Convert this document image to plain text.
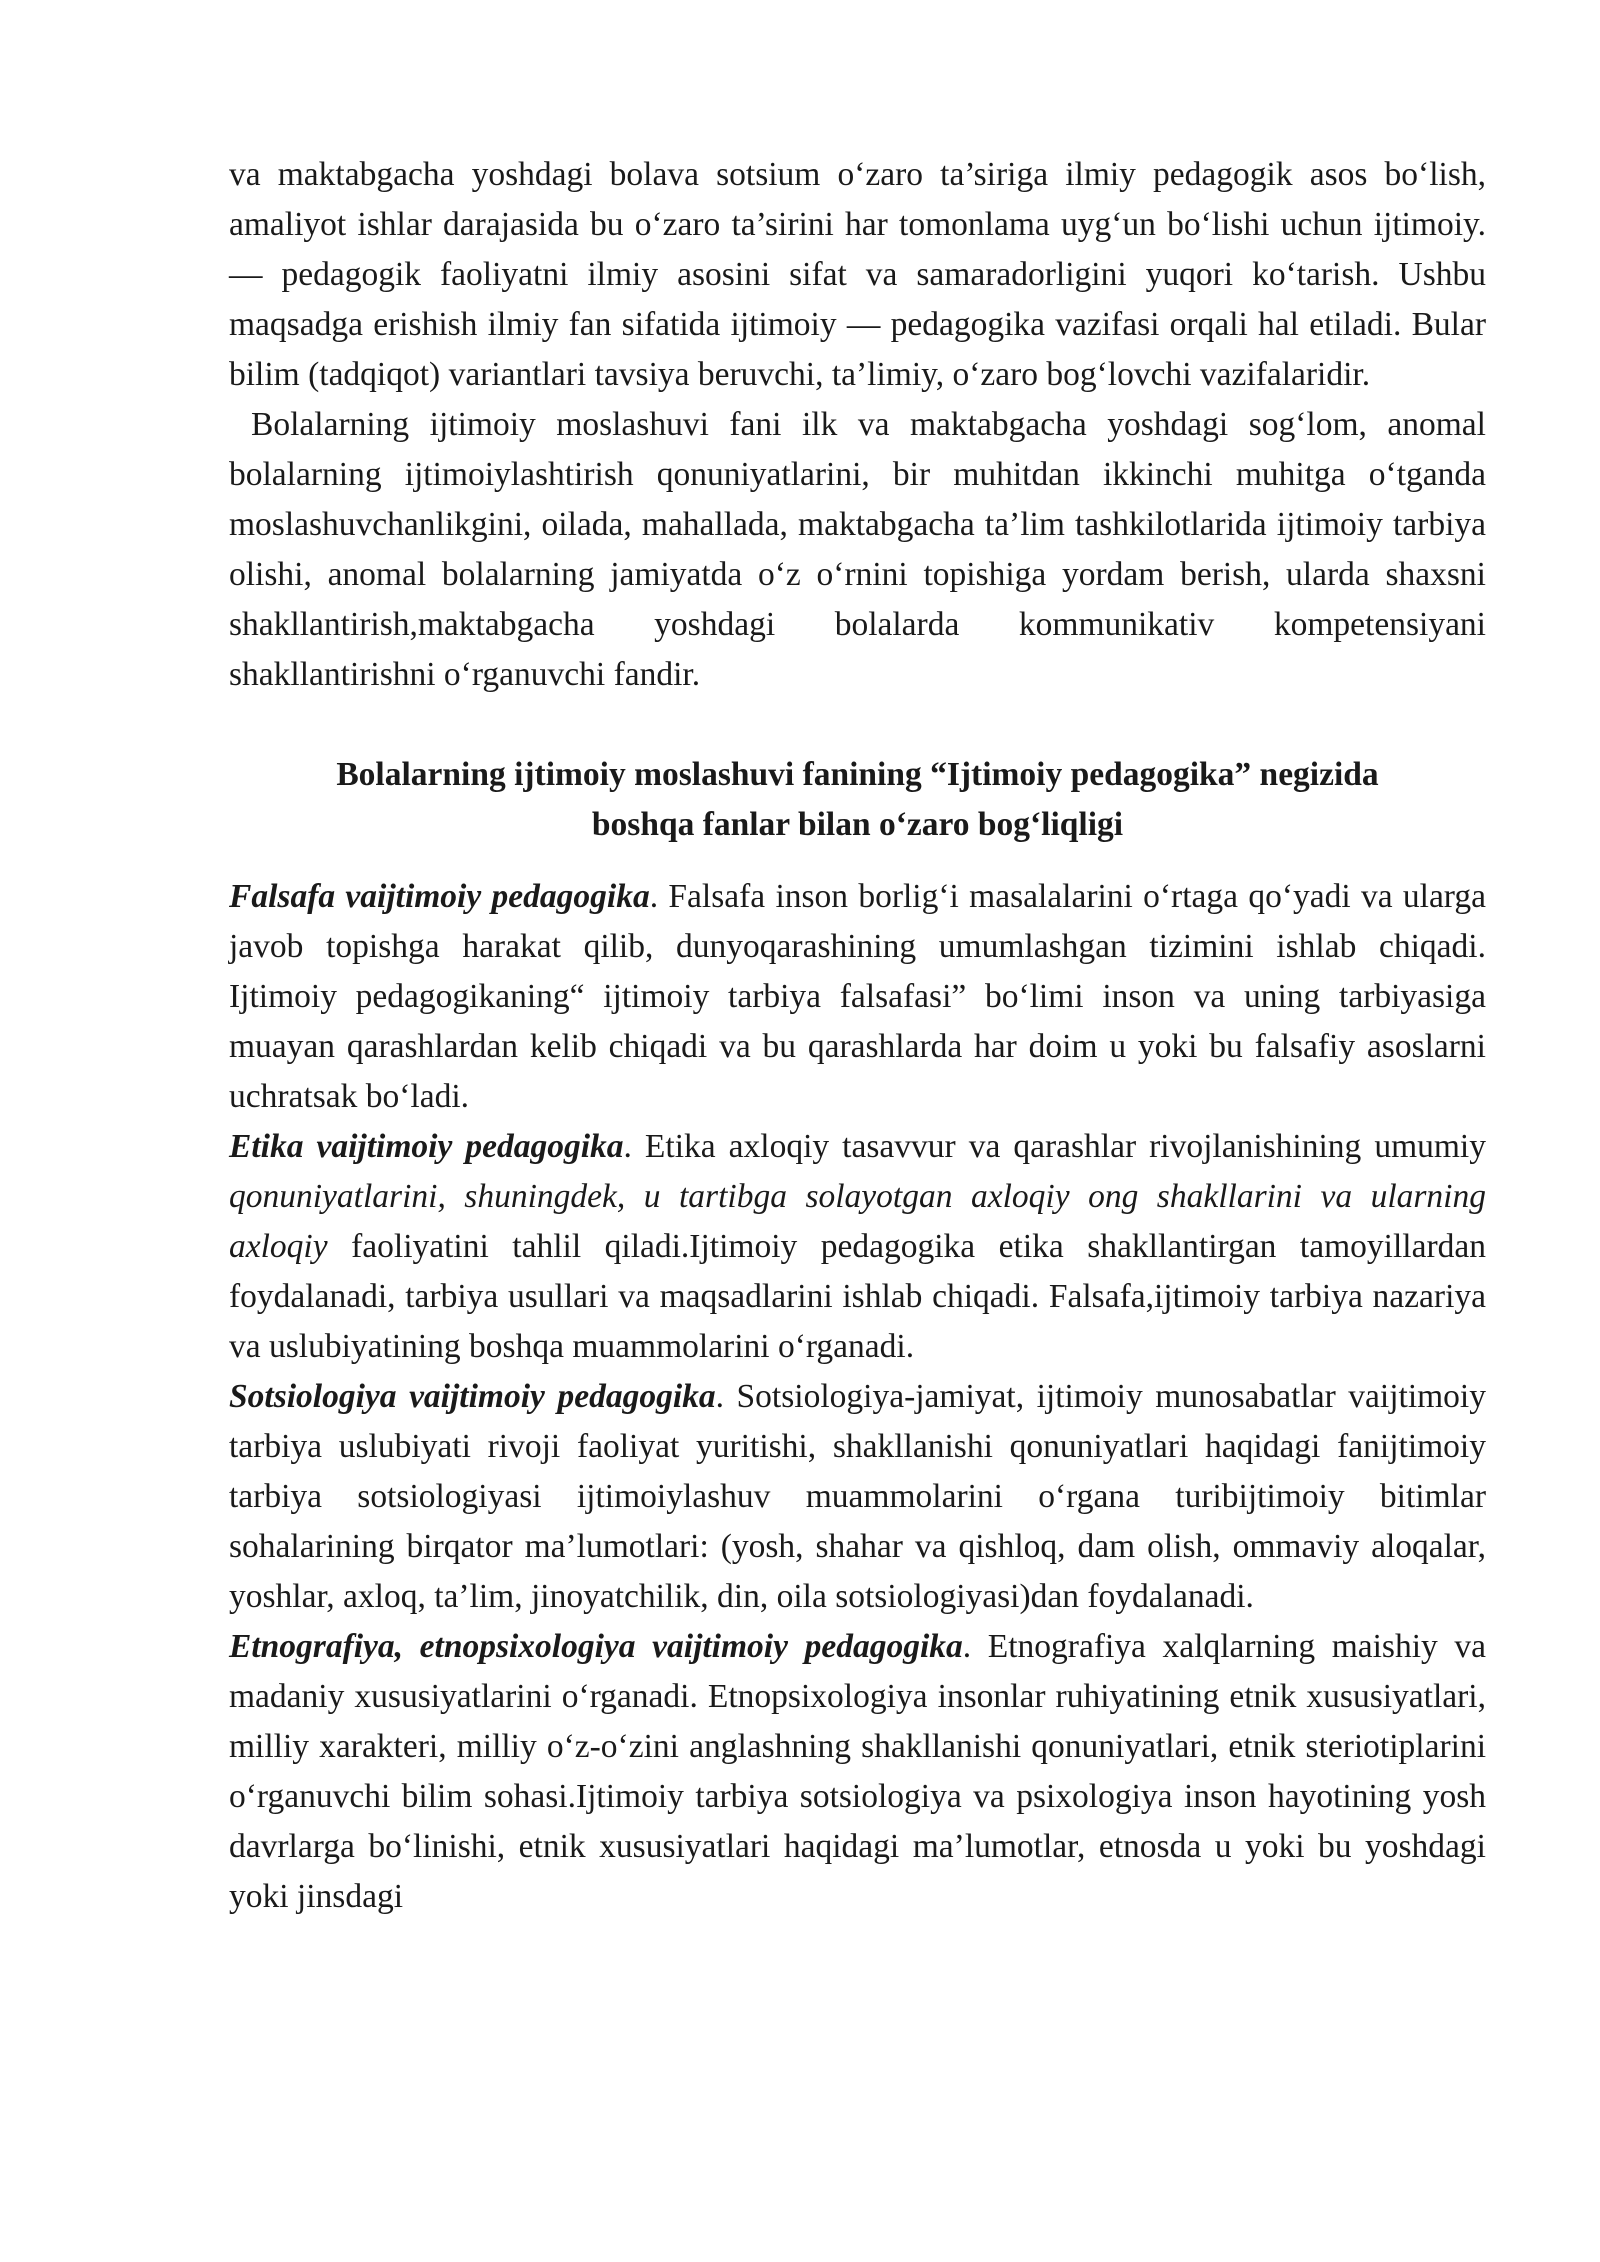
va maktabgacha yoshdagi bolava sotsium o‘zaro ta’siriga ilmiy pedagogik asos bo‘lish, amaliyot ishlar darajasida bu o‘zaro ta’sirini har tomonlama uyg‘un bo‘lishi uchun ijtimoiy.— pedagogik faoliyatni ilmiy asosini sifat va samaradorligini yuqori ko‘tarish. Ushbu maqsadga erishish ilmiy fan sifatida ijtimoiy — pedagogika vazifasi orqali hal etiladi. Bular bilim (tadqiqot) variantlari tavsiya beruvchi, ta’limiy, o‘zaro bog‘lovchi vazifalaridir.

Bolalarning ijtimoiy moslashuvi fani ilk va maktabgacha yoshdagi sog‘lom, anomal bolalarning ijtimoiylashtirish qonuniyatlarini, bir muhitdan ikkinchi muhitga o‘tganda moslashuvchanlikgini, oilada, mahallada, maktabgacha ta’lim tashkilotlarida ijtimoiy tarbiya olishi, anomal bolalarning jamiyatda o‘z o‘rnini topishiga yordam berish, ularda shaxsni shakllantirish,maktabgacha yoshdagi bolalarda kommunikativ kompetensiyani shakllantirishni o‘rganuvchi fandir.

Bolalarning ijtimoiy moslashuvi fanining “Ijtimoiy pedagogika” negizida
boshqa fanlar bilan o‘zaro bog‘liqligi

Falsafa vaijtimoiy pedagogika. Falsafa inson borlig‘i masalalarini o‘rtaga qo‘yadi va ularga javob topishga harakat qilib, dunyoqarashining umumlashgan tizimini ishlab chiqadi. Ijtimoiy pedagogikaning“ ijtimoiy tarbiya falsafasi” bo‘limi inson va uning tarbiyasiga muayan qarashlardan kelib chiqadi va bu qarashlarda har doim u yoki bu falsafiy asoslarni uchratsak bo‘ladi.

Etika vaijtimoiy pedagogika. Etika axloqiy tasavvur va qarashlar rivojlanishining umumiy qonuniyatlarini, shuningdek, u tartibga solayotgan axloqiy ong shakllarini va ularning axloqiy faoliyatini tahlil qiladi.Ijtimoiy pedagogika etika shakllantirgan tamoyillardan foydalanadi, tarbiya usullari va maqsadlarini ishlab chiqadi. Falsafa,ijtimoiy tarbiya nazariya va uslubiyatining boshqa muammolarini o‘rganadi.

Sotsiologiya vaijtimoiy pedagogika. Sotsiologiya-jamiyat, ijtimoiy munosabatlar vaijtimoiy tarbiya uslubiyati rivoji faoliyat yuritishi, shakllanishi qonuniyatlari haqidagi fanijtimoiy tarbiya sotsiologiyasi ijtimoiylashuv muammolarini o‘rgana turibijtimoiy bitimlar sohalarining birqator ma’lumotlari: (yosh, shahar va qishloq, dam olish, ommaviy aloqalar, yoshlar, axloq, ta’lim, jinoyatchilik, din, oila sotsiologiyasi)dan foydalanadi.

Etnografiya, etnopsixologiya vaijtimoiy pedagogika. Etnografiya xalqlarning maishiy va madaniy xususiyatlarini o‘rganadi. Etnopsixologiya insonlar ruhiyatining etnik xususiyatlari, milliy xarakteri, milliy o‘z-o‘zini anglashning shakllanishi qonuniyatlari, etnik steriotiplarini o‘rganuvchi bilim sohasi.Ijtimoiy tarbiya sotsiologiya va psixologiya inson hayotining yosh davrlarga bo‘linishi, etnik xususiyatlari haqidagi ma’lumotlar, etnosda u yoki bu yoshdagi yoki jinsdagi
